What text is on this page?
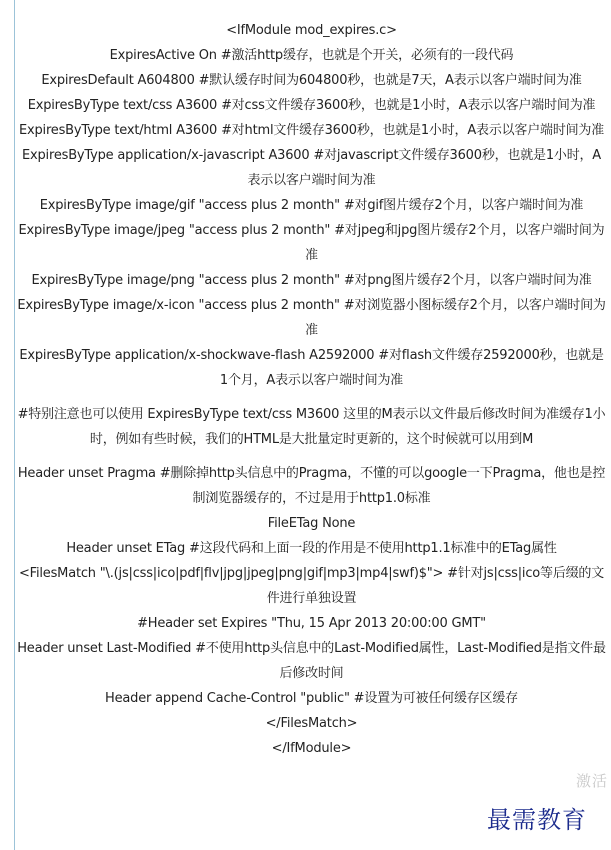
<IfModule mod_expires.c>

ExpiresActive On #激活http缓存，也就是个开关，必须有的一段代码

ExpiresDefault A604800 #默认缓存时间为604800秒，也就是7天，A表示以客户端时间为准

ExpiresByType text/css A3600 #对css文件缓存3600秒，也就是1小时，A表示以客户端时间为准

ExpiresByType text/html A3600 #对html文件缓存3600秒，也就是1小时，A表示以客户端时间为准

ExpiresByType application/x-javascript A3600 #对javascript文件缓存3600秒，也就是1小时，A表示以客户端时间为准

ExpiresByType image/gif "access plus 2 month" #对gif图片缓存2个月，以客户端时间为准

ExpiresByType image/jpeg "access plus 2 month" #对jpeg和jpg图片缓存2个月，以客户端时间为准

ExpiresByType image/png "access plus 2 month" #对png图片缓存2个月，以客户端时间为准

ExpiresByType image/x-icon "access plus 2 month" #对浏览器小图标缓存2个月，以客户端时间为准

ExpiresByType application/x-shockwave-flash A2592000 #对flash文件缓存2592000秒，也就是1个月，A表示以客户端时间为准

#特别注意也可以使用 ExpiresByType text/css M3600 这里的M表示以文件最后修改时间为准缓存1小时，例如有些时候，我们的HTML是大批量定时更新的，这个时候就可以用到M

Header unset Pragma #删除掉http头信息中的Pragma，不懂的可以google一下Pragma，他也是控制浏览器缓存的，不过是用于http1.0标准

FileETag None

Header unset ETag #这段代码和上面一段的作用是不使用http1.1标准中的ETag属性

<FilesMatch "\.(js|css|ico|pdf|flv|jpg|jpeg|png|gif|mp3|mp4|swf)$"> #针对js|css|ico等后缀的文件进行单独设置

#Header set Expires "Thu, 15 Apr 2013 20:00:00 GMT"

Header unset Last-Modified #不使用http头信息中的Last-Modified属性，Last-Modified是指文件最后修改时间

Header append Cache-Control "public" #设置为可被任何缓存区缓存

</FilesMatch>

</IfModule>

激活
最需教育
